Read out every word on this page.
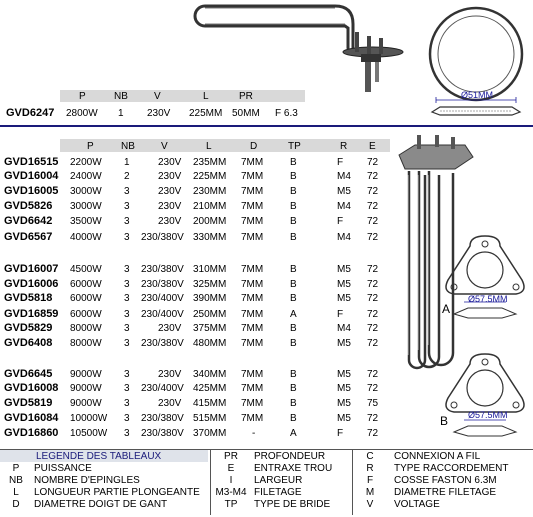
Ø51MM
P	NB	V	L	PR
GVD6247 2800W 1 230V 225MM 50MM F 6.3
P	NB	V	L	D	TP	R E
GVD16515 2200W 1	230V 235MM 7MM	B	F 72
GVD16004 2400W 2	230V 225MM 7MM	B	M4 72
GVD16005 3000W 3	230V 230MM 7MM	B	M5 72
GVD5826 3000W 3	230V 210MM 7MM	B	M4 72
GVD6642 3500W 3	230V 200MM 7MM	B	F 72
GVD6567 4000W 3 230/380V 330MM 7MM	B	M4 72
GVD16007 4500W 3 230/380V 310MM 7MM	B	M5 72
GVD16006 6000W 3 230/380V 325MM 7MM	B	M5 72
GVD5818 6000W 3 230/400V 390MM 7MM	B	M5 72
GVD16859 6000W 3 230/400V 250MM 7MM	A	F 72
GVD5829 8000W 3	230V 375MM 7MM	B	M4 72
GVD6408 8000W 3 230/380V 480MM 7MM	B	M5 72
GVD6645 9000W 3	230V 340MM 7MM	B	M5 72
GVD16008 9000W 3 230/400V 425MM 7MM	B	M5 72
GVD5819 9000W 3	230V 415MM 7MM	B	M5 75
GVD16084 10000W 3 230/380V 515MM 7MM	B	M5 72
GVD16860 10500W 3 230/380V 370MM	-	A	F 72
A
Ø57.5MM
B Ø57.5MM
LEGENDE DES TABLEAUX
P	PUISSANCE
NB	NOMBRE D'EPINGLES
L	LONGUEUR PARTIE PLONGEANTE
D	DIAMETRE DOIGT DE GANT
PR	PROFONDEUR
E	ENTRAXE TROU
I	LARGEUR
M3-M4 FILETAGE
TP	TYPE DE BRIDE
C	CONNEXION A FIL
R	TYPE RACCORDEMENT
F	COSSE FASTON 6.3M
M	DIAMETRE FILETAGE
V	VOLTAGE
